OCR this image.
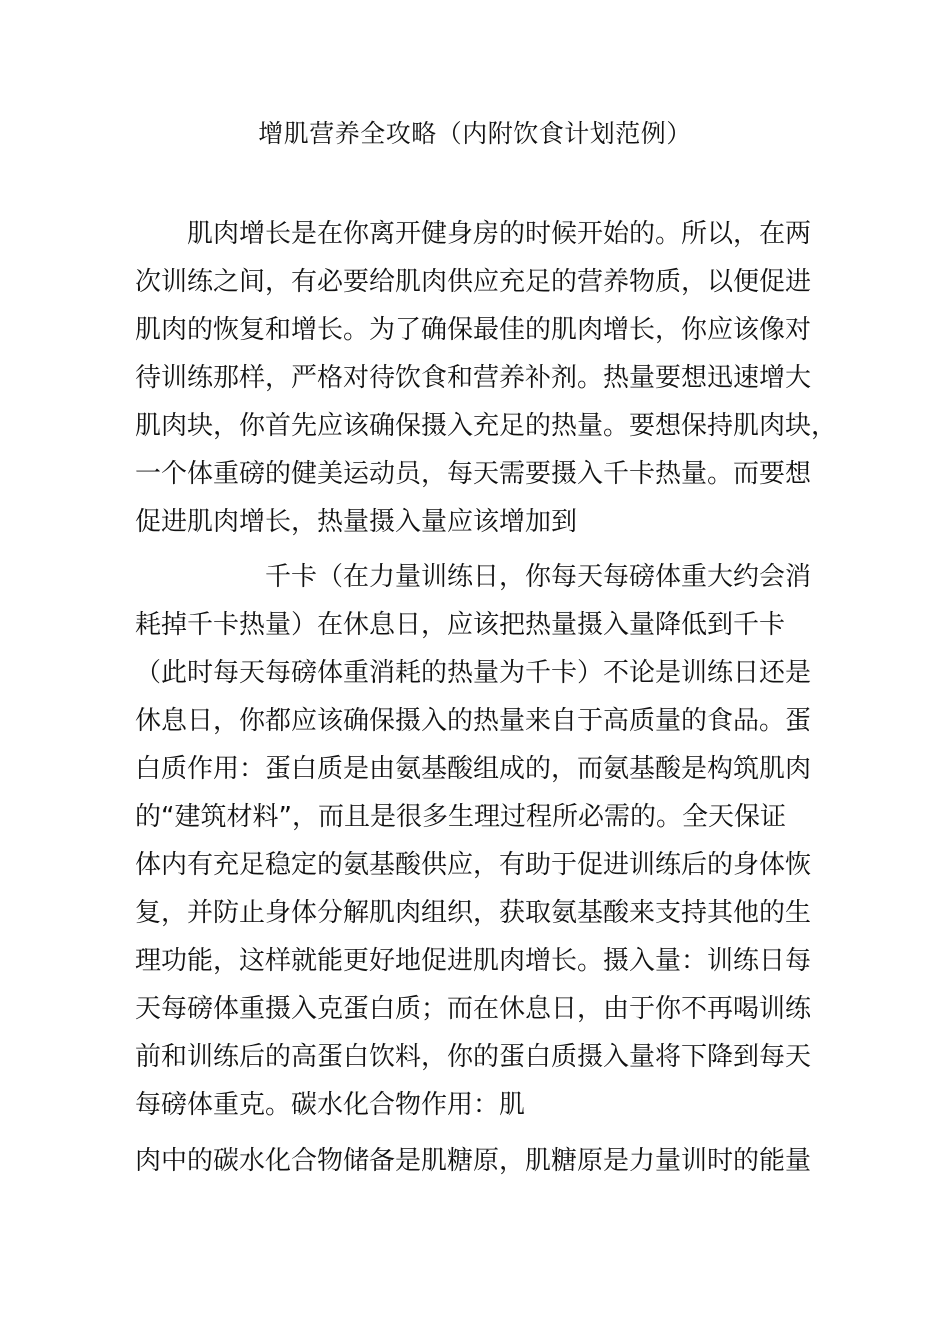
增肌营养全攻略（内附饮食计划范例）
　　肌肉增长是在你离开健身房的时候开始的。所以，在两
次训练之间，有必要给肌肉供应充足的营养物质，以便促进
肌肉的恢复和增长。为了确保最佳的肌肉增长，你应该像对
待训练那样，严格对待饮食和营养补剂。热量要想迅速增大
肌肉块，你首先应该确保摄入充足的热量。要想保持肌肉块，
一个体重磅的健美运动员，每天需要摄入千卡热量。而要想
促进肌肉增长，热量摄入量应该增加到
　　　　　千卡（在力量训练日，你每天每磅体重大约会消
耗掉千卡热量）在休息日，应该把热量摄入量降低到千卡
（此时每天每磅体重消耗的热量为千卡）不论是训练日还是
休息日，你都应该确保摄入的热量来自于高质量的食品。蛋
白质作用：蛋白质是由氨基酸组成的，而氨基酸是构筑肌肉
的“建筑材料”，而且是很多生理过程所必需的。全天保证
体内有充足稳定的氨基酸供应，有助于促进训练后的身体恢
复，并防止身体分解肌肉组织，获取氨基酸来支持其他的生
理功能，这样就能更好地促进肌肉增长。摄入量：训练日每
天每磅体重摄入克蛋白质；而在休息日，由于你不再喝训练
前和训练后的高蛋白饮料，你的蛋白质摄入量将下降到每天
每磅体重克。碳水化合物作用：肌
肉中的碳水化合物储备是肌糖原，肌糖原是力量训时的能量
